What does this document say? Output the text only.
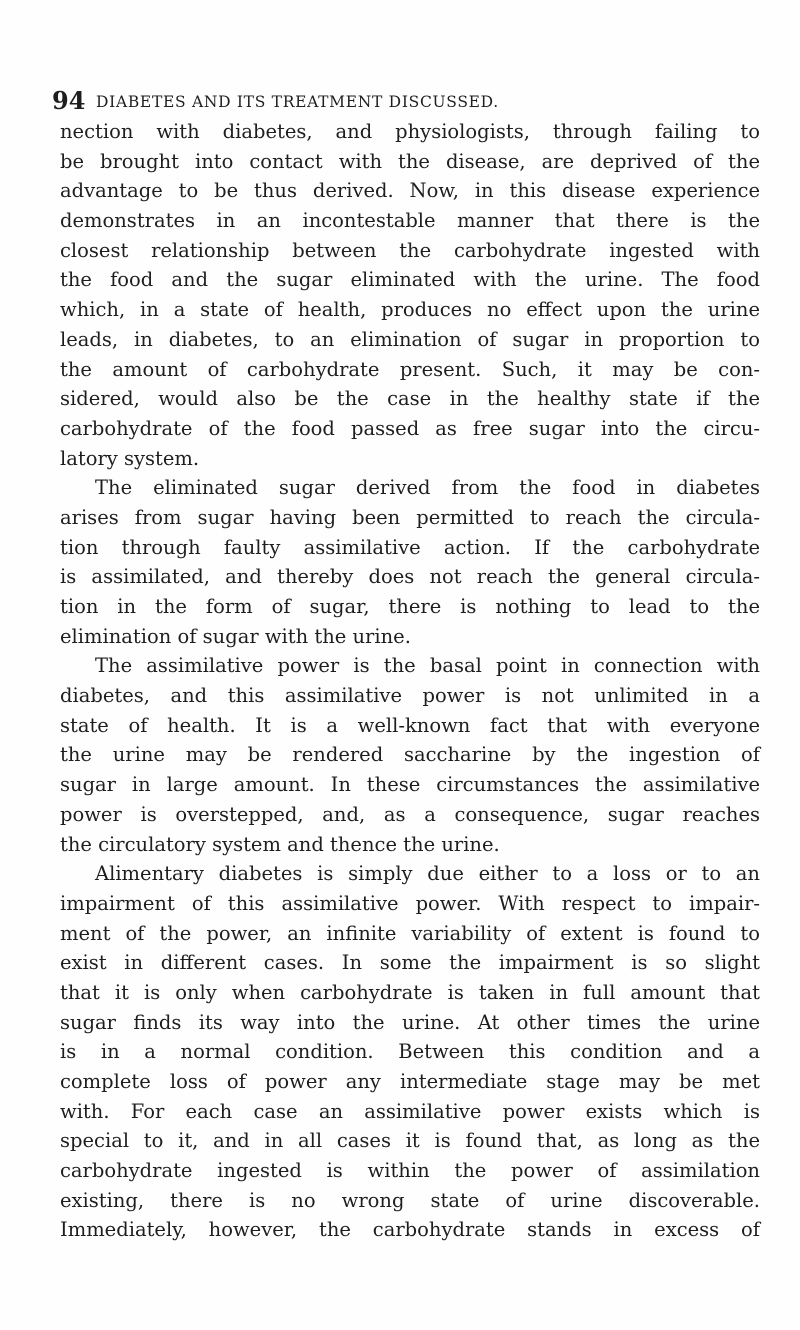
94 DIABETES AND ITS TREATMENT DISCUSSED.
nection with diabetes, and physiologists, through failing to
be brought into contact with the disease, are deprived of the
advantage to be thus derived. Now, in this disease experience
demonstrates in an incontestable manner that there is the
closest relationship between the carbohydrate ingested with
the food and the sugar eliminated with the urine. The food
which, in a state of health, produces no effect upon the urine
leads, in diabetes, to an elimination of sugar in proportion to
the amount of carbohydrate present. Such, it may be con-
sidered, would also be the case in the healthy state if the
carbohydrate of the food passed as free sugar into the circu-
latory system.
The eliminated sugar derived from the food in diabetes
arises from sugar having been permitted to reach the circula-
tion through faulty assimilative action. If the carbohydrate
is assimilated, and thereby does not reach the general circula-
tion in the form of sugar, there is nothing to lead to the
elimination of sugar with the urine.
The assimilative power is the basal point in connection with
diabetes, and this assimilative power is not unlimited in a
state of health. It is a well-known fact that with everyone
the urine may be rendered saccharine by the ingestion of
sugar in large amount. In these circumstances the assimilative
power is overstepped, and, as a consequence, sugar reaches
the circulatory system and thence the urine.
Alimentary diabetes is simply due either to a loss or to an
impairment of this assimilative power. With respect to impair-
ment of the power, an infinite variability of extent is found to
exist in different cases. In some the impairment is so slight
that it is only when carbohydrate is taken in full amount that
sugar finds its way into the urine. At other times the urine
is in a normal condition. Between this condition and a
complete loss of power any intermediate stage may be met
with. For each case an assimilative power exists which is
special to it, and in all cases it is found that, as long as the
carbohydrate ingested is within the power of assimilation
existing, there is no wrong state of urine discoverable.
Immediately, however, the carbohydrate stands in excess of
